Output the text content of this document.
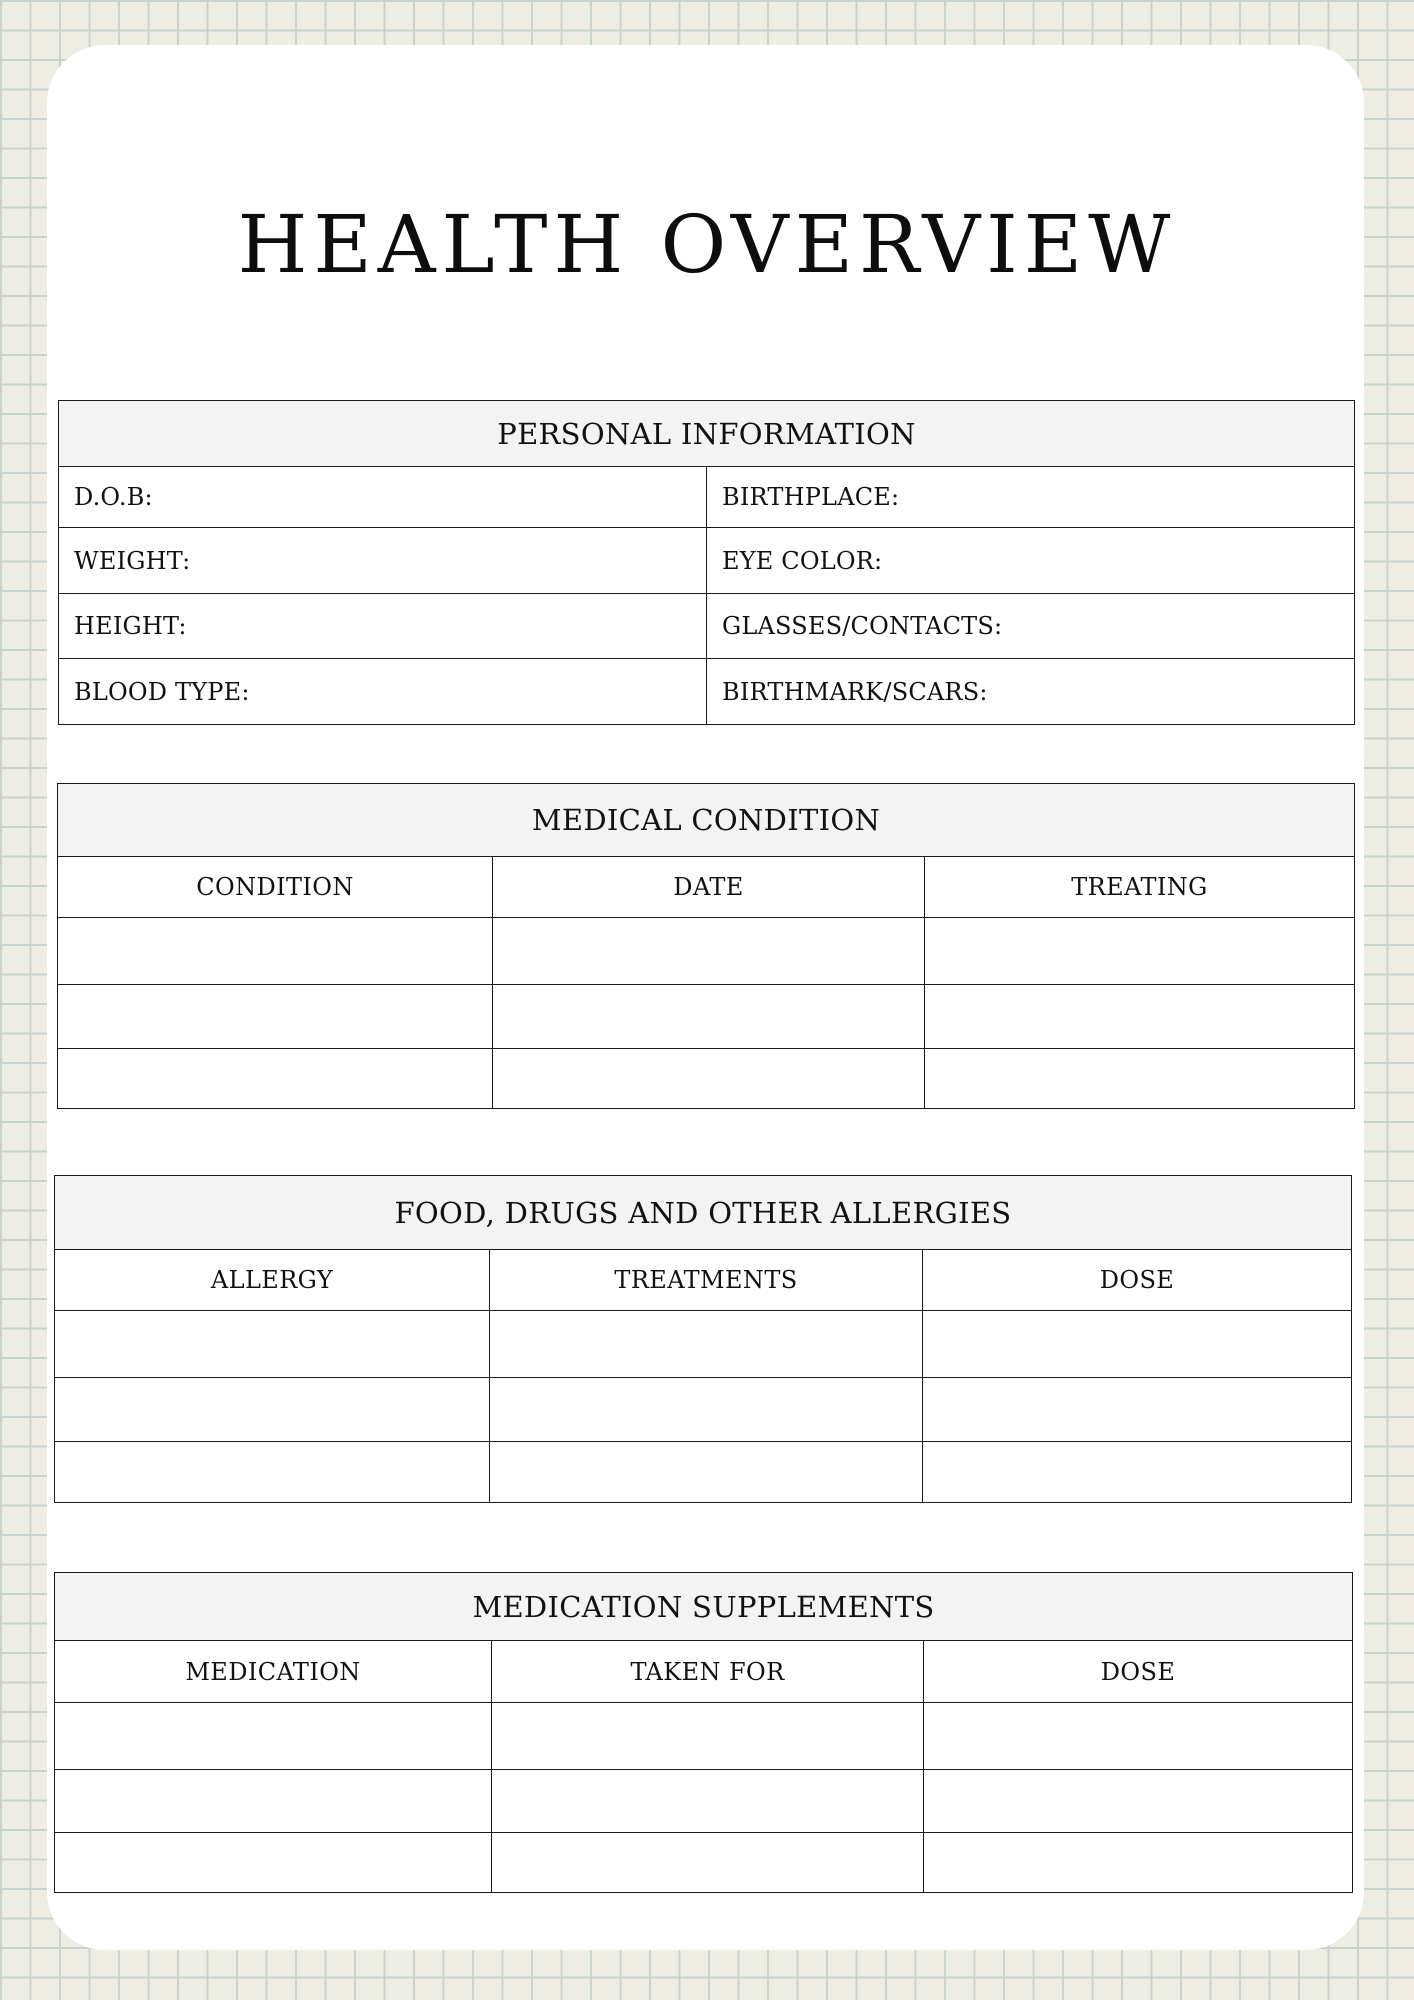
HEALTH OVERVIEW
PERSONAL INFORMATION	
D.O.B:	BIRTHPLACE:
WEIGHT:	EYE COLOR:
HEIGHT:	GLASSES/CONTACTS:
BLOOD TYPE:	BIRTHMARK/SCARS:
MEDICAL CONDITION		
CONDITION	DATE	TREATING

FOOD, DRUGS AND OTHER ALLERGIES		
ALLERGY	TREATMENTS	DOSE

MEDICATION SUPPLEMENTS		
MEDICATION	TAKEN FOR	DOSE
